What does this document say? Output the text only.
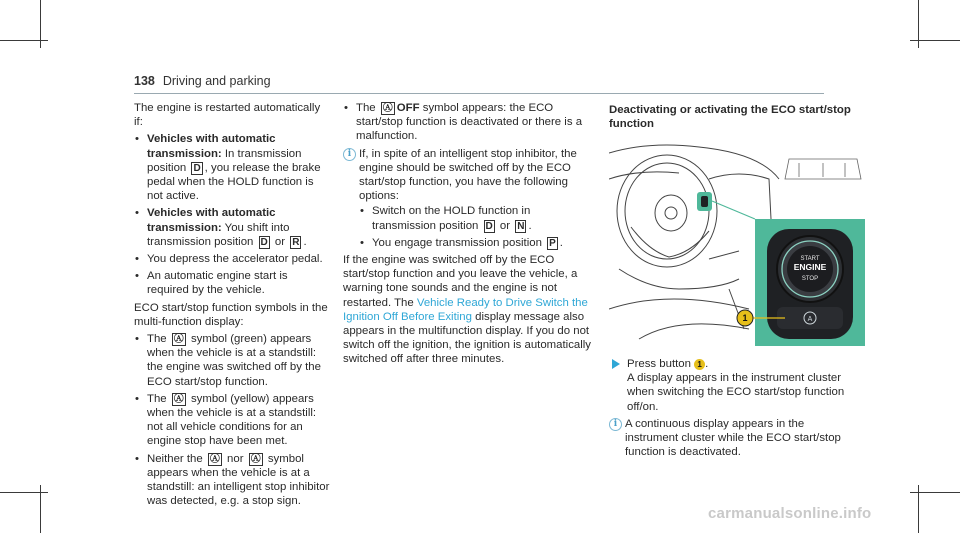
138 Driving and parking

The engine is restarted automatically if:

• Vehicles with automatic transmission: In transmission position D , you release the brake pedal when the HOLD function is not active.
• Vehicles with automatic transmission: You shift into transmission position D or R .
• You depress the accelerator pedal.
• An automatic engine start is required by the vehicle.

ECO start/stop function symbols in the multi-function display:

• The Ⓐ symbol (green) appears when the vehicle is at a standstill: the engine was switched off by the ECO start/stop function.
• The Ⓐ symbol (yellow) appears when the vehicle is at a standstill: not all vehicle conditions for an engine stop have been met.
• Neither the Ⓐ nor Ⓐ symbol appears when the vehicle is at a standstill: an intelligent stop inhibitor was detected, e.g. a stop sign.
• The Ⓐ OFF symbol appears: the ECO start/stop function is deactivated or there is a malfunction.
i If, in spite of an intelligent stop inhibitor, the engine should be switched off by the ECO start/stop function, you have the following options:
• Switch on the HOLD function in transmission position D or N .
• You engage transmission position P .

If the engine was switched off by the ECO start/stop function and you leave the vehicle, a warning tone sounds and the engine is not restarted. The Vehicle Ready to Drive Switch the Ignition Off Before Exiting display message also appears in the multifunction display. If you do not switch off the ignition, the ignition is automatically switched off after three minutes.

Deactivating or activating the ECO start/stop function
START
ENGINE
STOP
A
1
Press button 1 .
A display appears in the instrument cluster when switching the ECO start/stop function off/on.
i A continuous display appears in the instrument cluster while the ECO start/stop function is deactivated.
carmanualsonline.info
